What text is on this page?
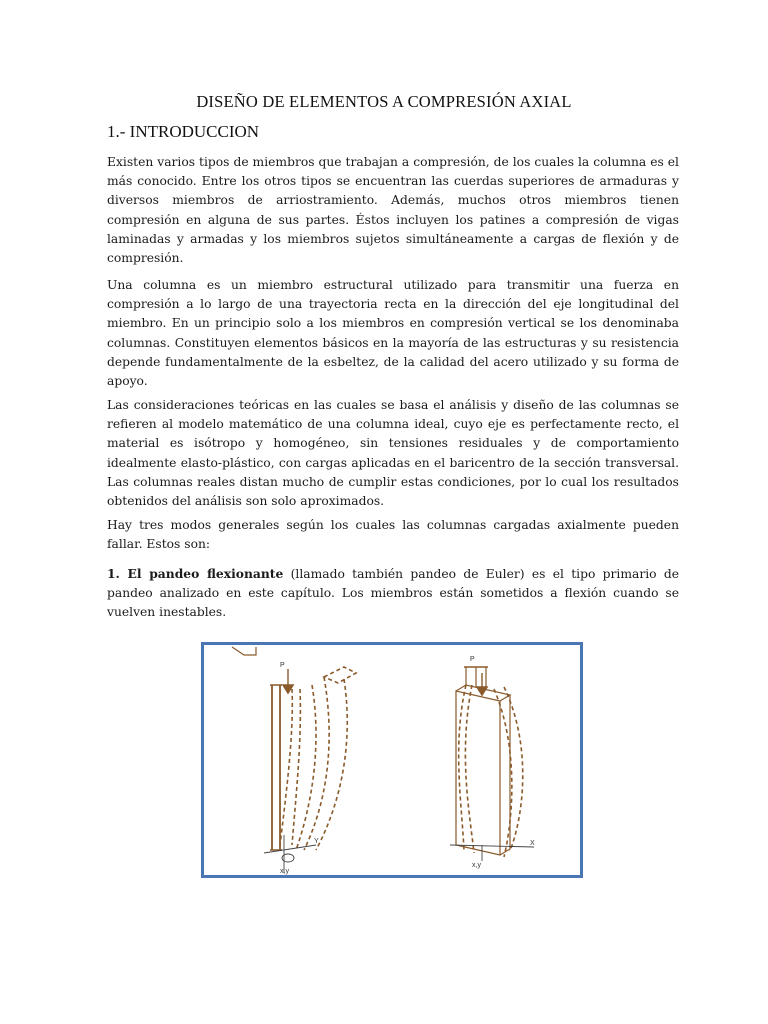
DISEÑO DE ELEMENTOS A COMPRESIÓN AXIAL
1.- INTRODUCCION

Existen varios tipos de miembros que trabajan a compresión, de los cuales la columna es el más conocido. Entre los otros tipos se encuentran las cuerdas superiores de armaduras y diversos miembros de arriostramiento. Además, muchos otros miembros tienen compresión en alguna de sus partes. Éstos incluyen los patines a compresión de vigas laminadas y armadas y los miembros sujetos simultáneamente a cargas de flexión y de compresión.

Una columna es un miembro estructural utilizado para transmitir una fuerza en compresión a lo largo de una trayectoria recta en la dirección del eje longitudinal del miembro. En un principio solo a los miembros en compresión vertical se los denominaba columnas. Constituyen elementos básicos en la mayoría de las estructuras y su resistencia depende fundamentalmente de la esbeltez, de la calidad del acero utilizado y su forma de apoyo.

Las consideraciones teóricas en las cuales se basa el análisis y diseño de las columnas se refieren al modelo matemático de una columna ideal, cuyo eje es perfectamente recto, el material es isótropo y homogéneo, sin tensiones residuales y de comportamiento idealmente elasto-plástico, con cargas aplicadas en el baricentro de la sección transversal. Las columnas reales distan mucho de cumplir estas condiciones, por lo cual los resultados obtenidos del análisis son solo aproximados.

Hay tres modos generales según los cuales las columnas cargadas axialmente pueden fallar. Estos son:

1. El pandeo flexionante (llamado también pandeo de Euler) es el tipo primario de pandeo analizado en este capítulo. Los miembros están sometidos a flexión cuando se vuelven inestables.

P
P
Y	X
x,y
x,y
